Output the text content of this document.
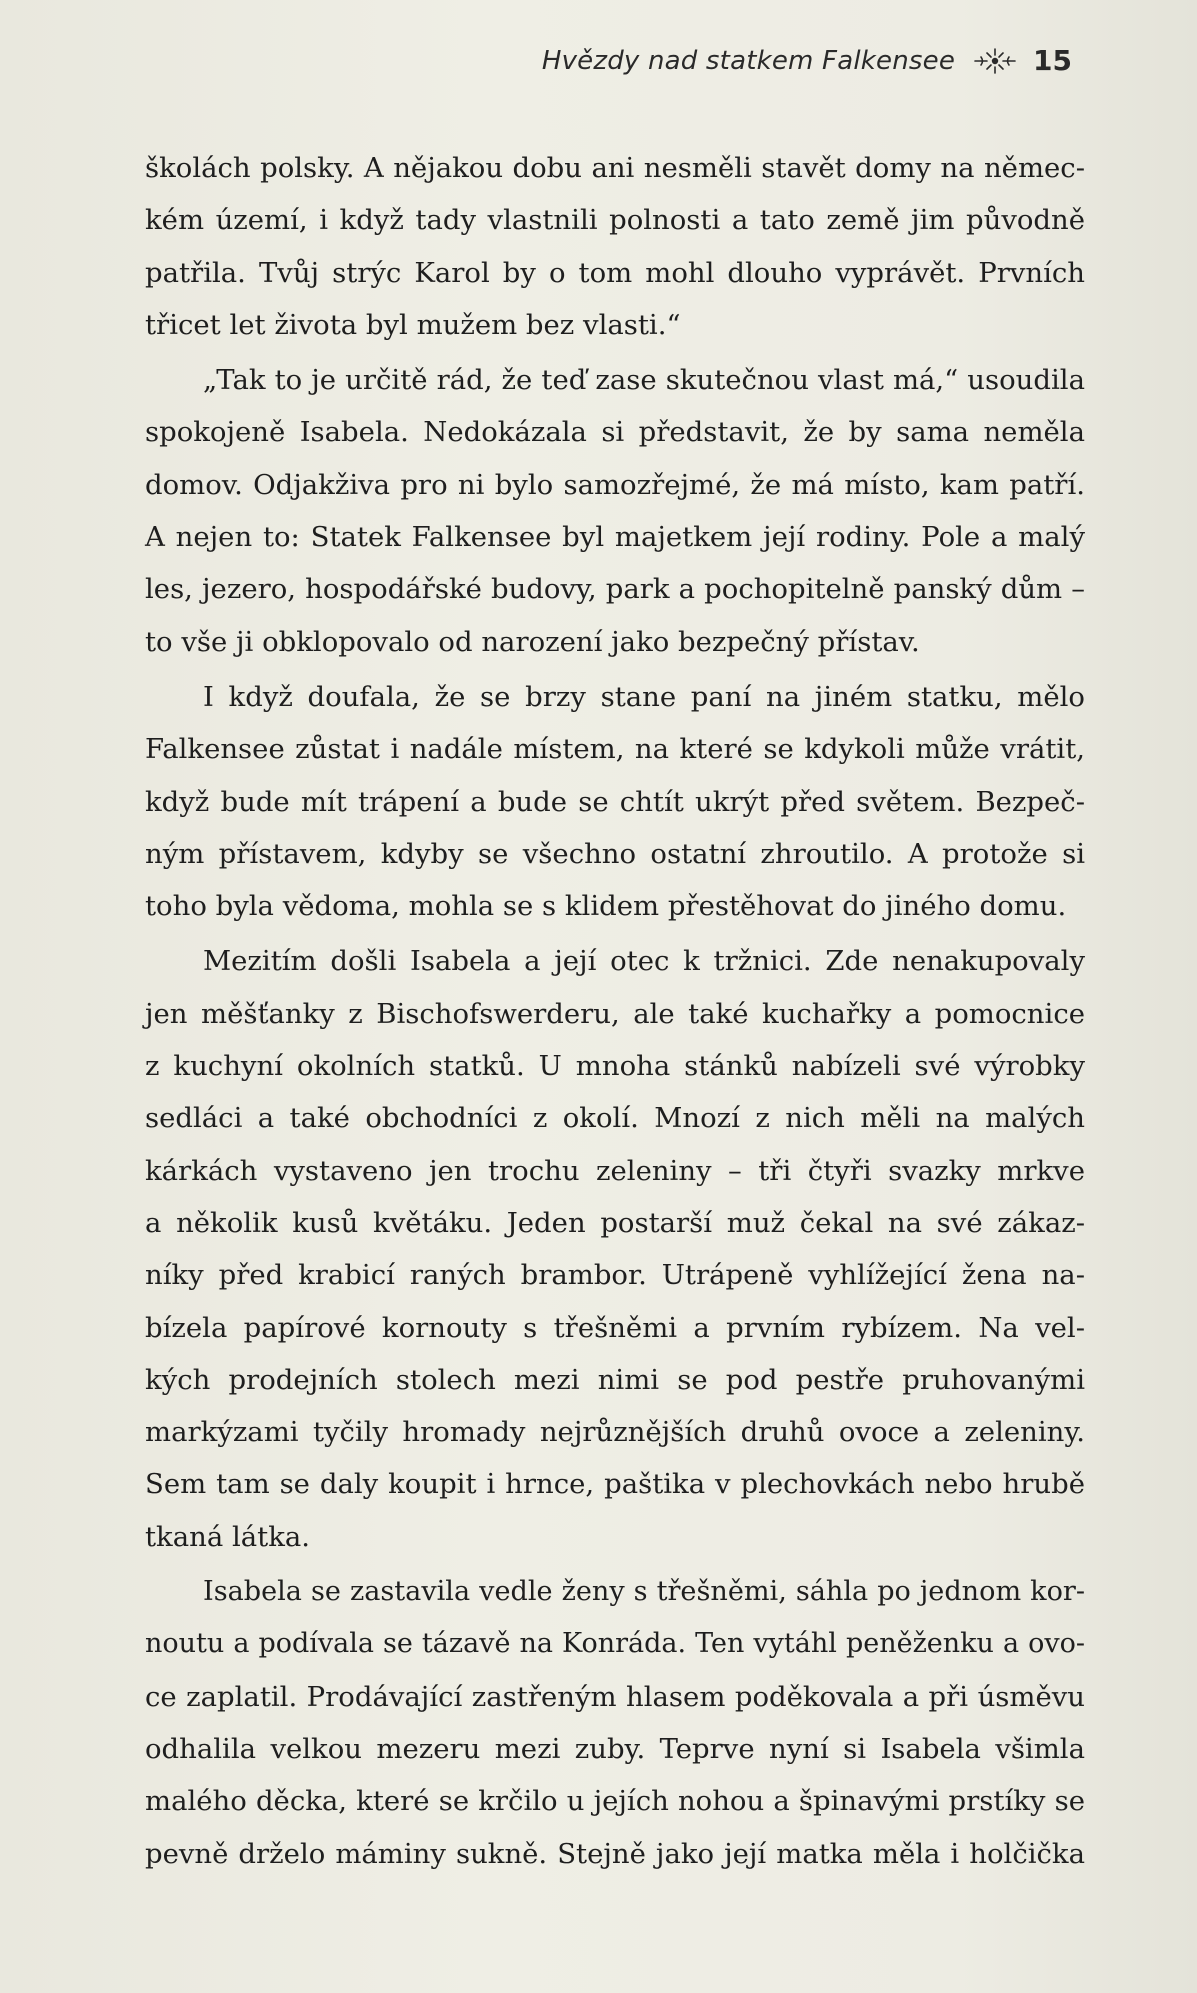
Hvězdy nad statkem Falkensee	15
školách polsky. A nějakou dobu ani nesměli stavět domy na němec-
kém území, i když tady vlastnili polnosti a tato země jim původně
patřila. Tvůj strýc Karol by o tom mohl dlouho vyprávět. Prvních
třicet let života byl mužem bez vlasti.“
„Tak to je určitě rád, že teď zase skutečnou vlast má,“ usoudila
spokojeně Isabela. Nedokázala si představit, že by sama neměla
domov. Odjakživa pro ni bylo samozřejmé, že má místo, kam patří.
A nejen to: Statek Falkensee byl majetkem její rodiny. Pole a malý
les, jezero, hospodářské budovy, park a pochopitelně panský dům –
to vše ji obklopovalo od narození jako bezpečný přístav.
I když doufala, že se brzy stane paní na jiném statku, mělo
Falkensee zůstat i nadále místem, na které se kdykoli může vrátit,
když bude mít trápení a bude se chtít ukrýt před světem. Bezpeč-
ným přístavem, kdyby se všechno ostatní zhroutilo. A protože si
toho byla vědoma, mohla se s klidem přestěhovat do jiného domu.
Mezitím došli Isabela a její otec k tržnici. Zde nenakupovaly
jen měšťanky z Bischofswerderu, ale také kuchařky a pomocnice
z kuchyní okolních statků. U mnoha stánků nabízeli své výrobky
sedláci a také obchodníci z okolí. Mnozí z nich měli na malých
kárkách vystaveno jen trochu zeleniny – tři čtyři svazky mrkve
a několik kusů květáku. Jeden postarší muž čekal na své zákaz-
níky před krabicí raných brambor. Utrápeně vyhlížející žena na-
bízela papírové kornouty s třešněmi a prvním rybízem. Na vel-
kých prodejních stolech mezi nimi se pod pestře pruhovanými
markýzami tyčily hromady nejrůznějších druhů ovoce a zeleniny.
Sem tam se daly koupit i hrnce, paštika v plechovkách nebo hrubě
tkaná látka.
Isabela se zastavila vedle ženy s třešněmi, sáhla po jednom kor-
noutu a podívala se tázavě na Konráda. Ten vytáhl peněženku a ovo-
ce zaplatil. Prodávající zastřeným hlasem poděkovala a při úsměvu
odhalila velkou mezeru mezi zuby. Teprve nyní si Isabela všimla
malého děcka, které se krčilo u jejích nohou a špinavými prstíky se
pevně drželo máminy sukně. Stejně jako její matka měla i holčička
